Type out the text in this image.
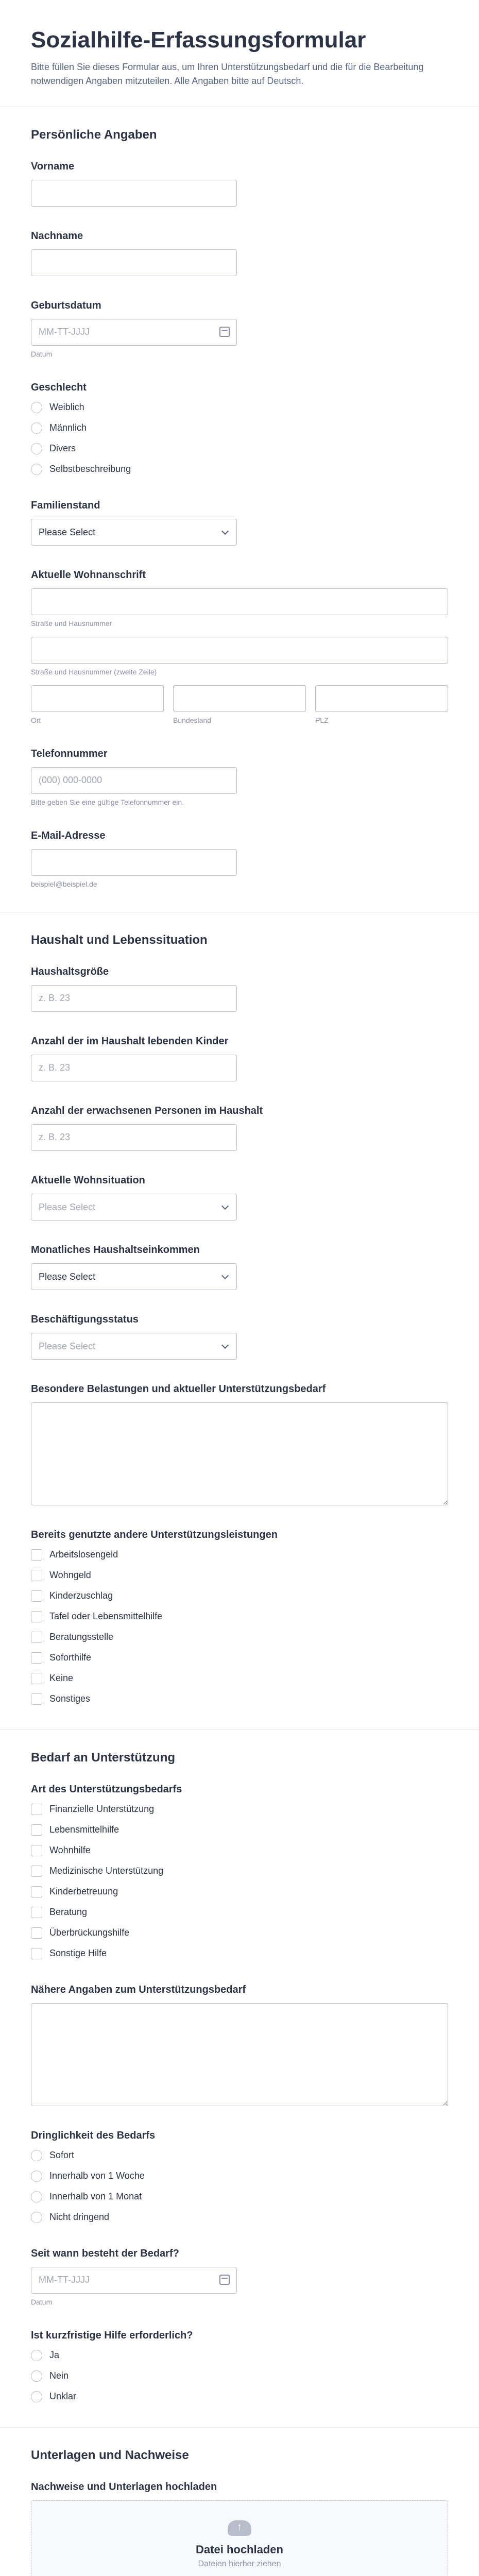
Sozialhilfe-Erfassungsformular

Bitte füllen Sie dieses Formular aus, um Ihren Unterstützungsbedarf und die für die Bearbeitung notwendigen Angaben mitzuteilen. Alle Angaben bitte auf Deutsch.

Persönliche Angaben
Vorname
Nachname
Geburtsdatum
MM-TT-JJJJ
Datum
Geschlecht
Weiblich
Männlich
Divers
Selbstbeschreibung
Familienstand
Please Select
Aktuelle Wohnanschrift
Straße und Hausnummer
Straße und Hausnummer (zweite Zeile)
Ort	Bundesland	PLZ
Telefonnummer
(000) 000-0000
Bitte geben Sie eine gültige Telefonnummer ein.
E-Mail-Adresse
beispiel@beispiel.de
Haushalt und Lebenssituation
Haushaltsgröße
z. B. 23
Anzahl der im Haushalt lebenden Kinder
z. B. 23
Anzahl der erwachsenen Personen im Haushalt
z. B. 23
Aktuelle Wohnsituation
Please Select
Monatliches Haushaltseinkommen
Please Select
Beschäftigungsstatus
Please Select
Besondere Belastungen und aktueller Unterstützungsbedarf
Bereits genutzte andere Unterstützungsleistungen
Arbeitslosengeld
Wohngeld
Kinderzuschlag
Tafel oder Lebensmittelhilfe
Beratungsstelle
Soforthilfe
Keine
Sonstiges
Bedarf an Unterstützung
Art des Unterstützungsbedarfs
Finanzielle Unterstützung
Lebensmittelhilfe
Wohnhilfe
Medizinische Unterstützung
Kinderbetreuung
Beratung
Überbrückungshilfe
Sonstige Hilfe
Nähere Angaben zum Unterstützungsbedarf
Dringlichkeit des Bedarfs
Sofort
Innerhalb von 1 Woche
Innerhalb von 1 Monat
Nicht dringend
Seit wann besteht der Bedarf?
MM-TT-JJJJ
Datum
Ist kurzfristige Hilfe erforderlich?
Ja
Nein
Unklar
Unterlagen und Nachweise
Nachweise und Unterlagen hochladen
↑
Datei hochladen
Dateien hierher ziehen
